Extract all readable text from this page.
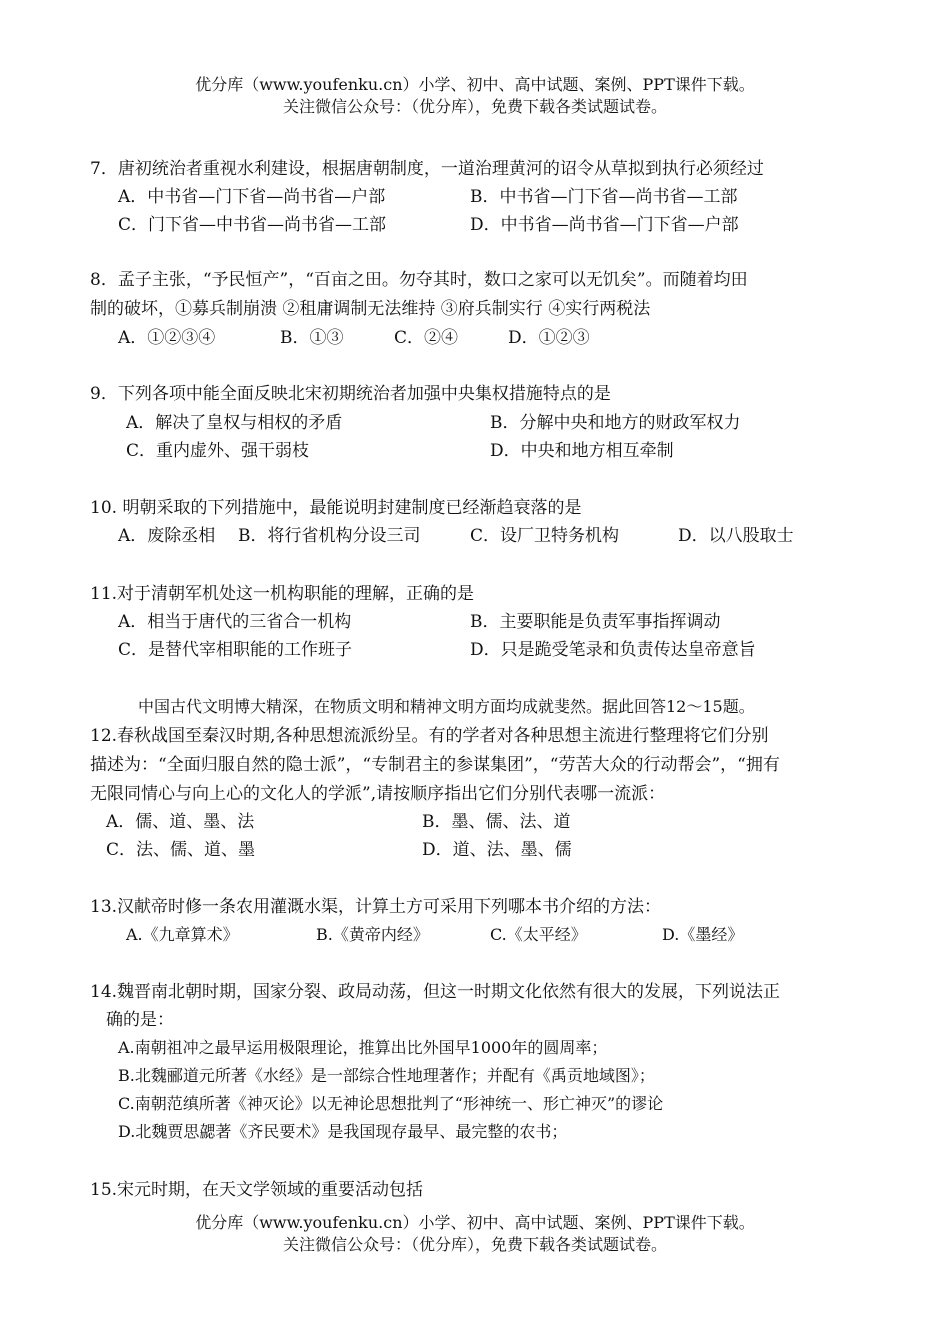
优分库（www.youfenku.cn）小学、初中、高中试题、案例、PPT课件下载。
关注微信公众号：（优分库），免费下载各类试题试卷。
7．唐初统治者重视水利建设，根据唐朝制度，一道治理黄河的诏令从草拟到执行必须经过
A．中书省—门下省—尚书省—户部	B．中书省—门下省—尚书省—工部
C．门下省—中书省—尚书省—工部	D．中书省—尚书省—门下省—户部
8．孟子主张，“予民恒产”，“百亩之田。勿夺其时，数口之家可以无饥矣”。而随着均田
制的破坏，①募兵制崩溃 ②租庸调制无法维持 ③府兵制实行 ④实行两税法
A．①②③④	B．①③	C．②④	D．①②③
9．下列各项中能全面反映北宋初期统治者加强中央集权措施特点的是
A．解决了皇权与相权的矛盾	B．分解中央和地方的财政军权力
C．重内虚外、强干弱枝	D．中央和地方相互牵制
10. 明朝采取的下列措施中，最能说明封建制度已经渐趋衰落的是
A．废除丞相 B．将行省机构分设三司	C．设厂卫特务机构	D．以八股取士
11.对于清朝军机处这一机构职能的理解，正确的是
A．相当于唐代的三省合一机构	B．主要职能是负责军事指挥调动
C．是替代宰相职能的工作班子	D．只是跪受笔录和负责传达皇帝意旨
中国古代文明博大精深，在物质文明和精神文明方面均成就斐然。据此回答12～15题。
12.春秋战国至秦汉时期,各种思想流派纷呈。有的学者对各种思想主流进行整理将它们分别
描述为：“全面归服自然的隐士派”，“专制君主的参谋集团”，“劳苦大众的行动帮会”，“拥有
无限同情心与向上心的文化人的学派”,请按顺序指出它们分别代表哪一流派：
A．儒、道、墨、法	B．墨、儒、法、道
C．法、儒、道、墨	D．道、法、墨、儒
13.汉献帝时修一条农用灌溉水渠，计算土方可采用下列哪本书介绍的方法：
A.《九章算术》	B.《黄帝内经》	C.《太平经》	D.《墨经》
14.魏晋南北朝时期，国家分裂、政局动荡，但这一时期文化依然有很大的发展，下列说法正
确的是：
A.南朝祖冲之最早运用极限理论，推算出比外国早1000年的圆周率；
B.北魏郦道元所著《水经》是一部综合性地理著作；并配有《禹贡地域图》；
C.南朝范缜所著《神灭论》以无神论思想批判了“形神统一、形亡神灭”的谬论
D.北魏贾思勰著《齐民要术》是我国现存最早、最完整的农书；
15.宋元时期，在天文学领域的重要活动包括
优分库（www.youfenku.cn）小学、初中、高中试题、案例、PPT课件下载。
关注微信公众号：（优分库），免费下载各类试题试卷。
